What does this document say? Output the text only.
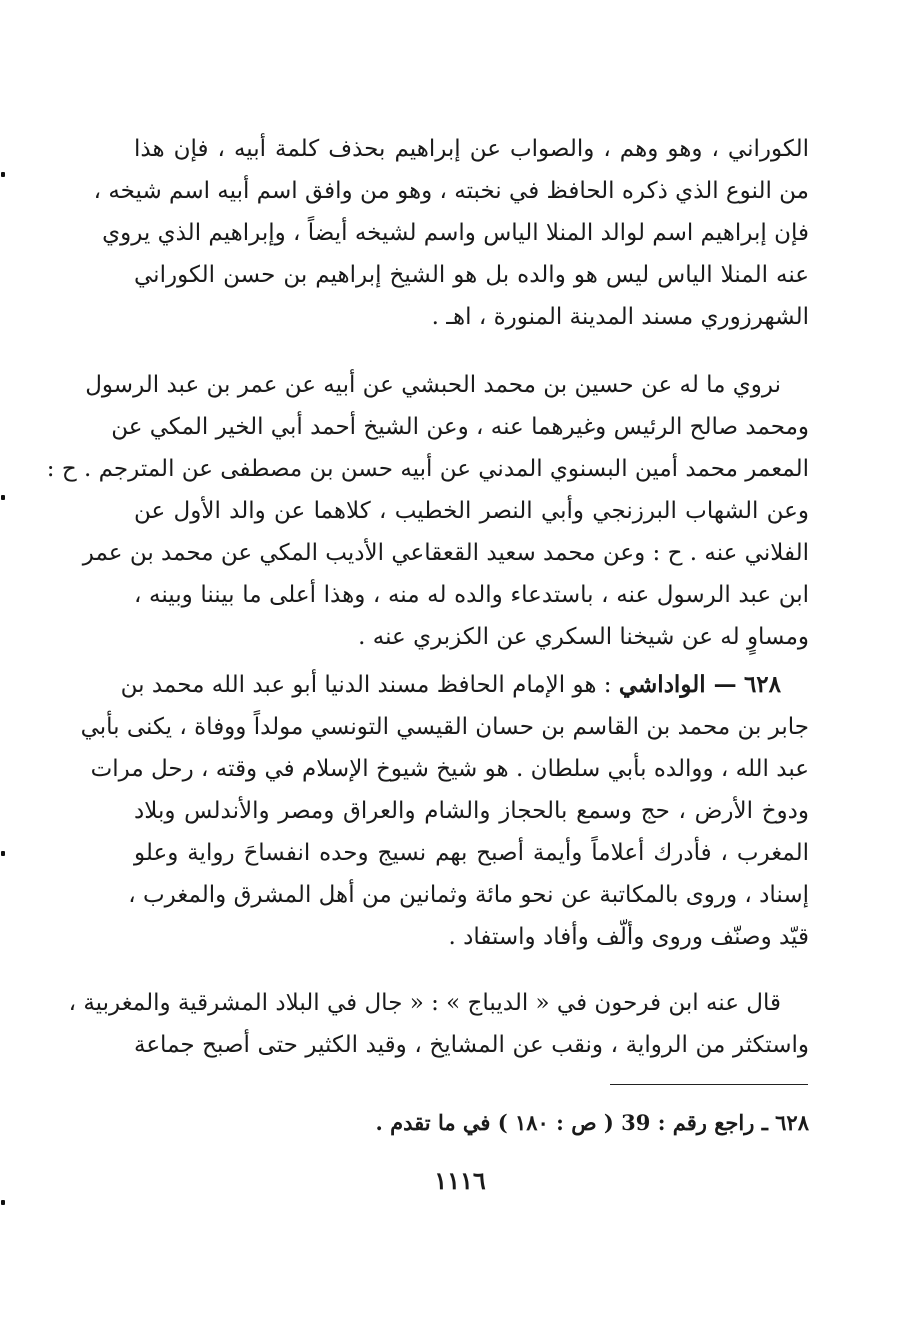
الكوراني ، وهو وهم ، والصواب عن إبراهيم بحذف كلمة أبيه ، فإن هذا
من النوع الذي ذكره الحافظ في نخبته ، وهو من وافق اسم أبيه اسم شيخه ،
فإن إبراهيم اسم لوالد المنلا الياس واسم لشيخه أيضاً ، وإبراهيم الذي يروي
عنه المنلا الياس ليس هو والده بل هو الشيخ إبراهيم بن حسن الكوراني
الشهرزوري مسند المدينة المنورة ، اهـ .
نروي ما له عن حسين بن محمد الحبشي عن أبيه عن عمر بن عبد الرسول
ومحمد صالح الرئيس وغيرهما عنه ، وعن الشيخ أحمد أبي الخير المكي عن
المعمر محمد أمين البسنوي المدني عن أبيه حسن بن مصطفى عن المترجم . ح :
وعن الشهاب البرزنجي وأبي النصر الخطيب ، كلاهما عن والد الأول عن
الفلاني عنه . ح : وعن محمد سعيد القعقاعي الأديب المكي عن محمد بن عمر
ابن عبد الرسول عنه ، باستدعاء والده له منه ، وهذا أعلى ما بيننا وبينه ،
ومساوٍ له عن شيخنا السكري عن الكزبري عنه .
٦٢٨ — الواداشي : هو الإمام الحافظ مسند الدنيا أبو عبد الله محمد بن
جابر بن محمد بن القاسم بن حسان القيسي التونسي مولداً ووفاة ، يكنى بأبي
عبد الله ، ووالده بأبي سلطان . هو شيخ شيوخ الإسلام في وقته ، رحل مرات
ودوخ الأرض ، حج وسمع بالحجاز والشام والعراق ومصر والأندلس وبلاد
المغرب ، فأدرك أعلاماً وأيمة أصبح بهم نسيج وحده انفساحَ رواية وعلو
إسناد ، وروى بالمكاتبة عن نحو مائة وثمانين من أهل المشرق والمغرب ،
قيّد وصنّف وروى وألّف وأفاد واستفاد .
قال عنه ابن فرحون في « الديباج » : « جال في البلاد المشرقية والمغربية ،
واستكثر من الرواية ، ونقب عن المشايخ ، وقيد الكثير حتى أصبح جماعة
٦٢٨ ـ راجع رقم : 39 ( ص : ١٨٠ ) في ما تقدم .
١١١٦
